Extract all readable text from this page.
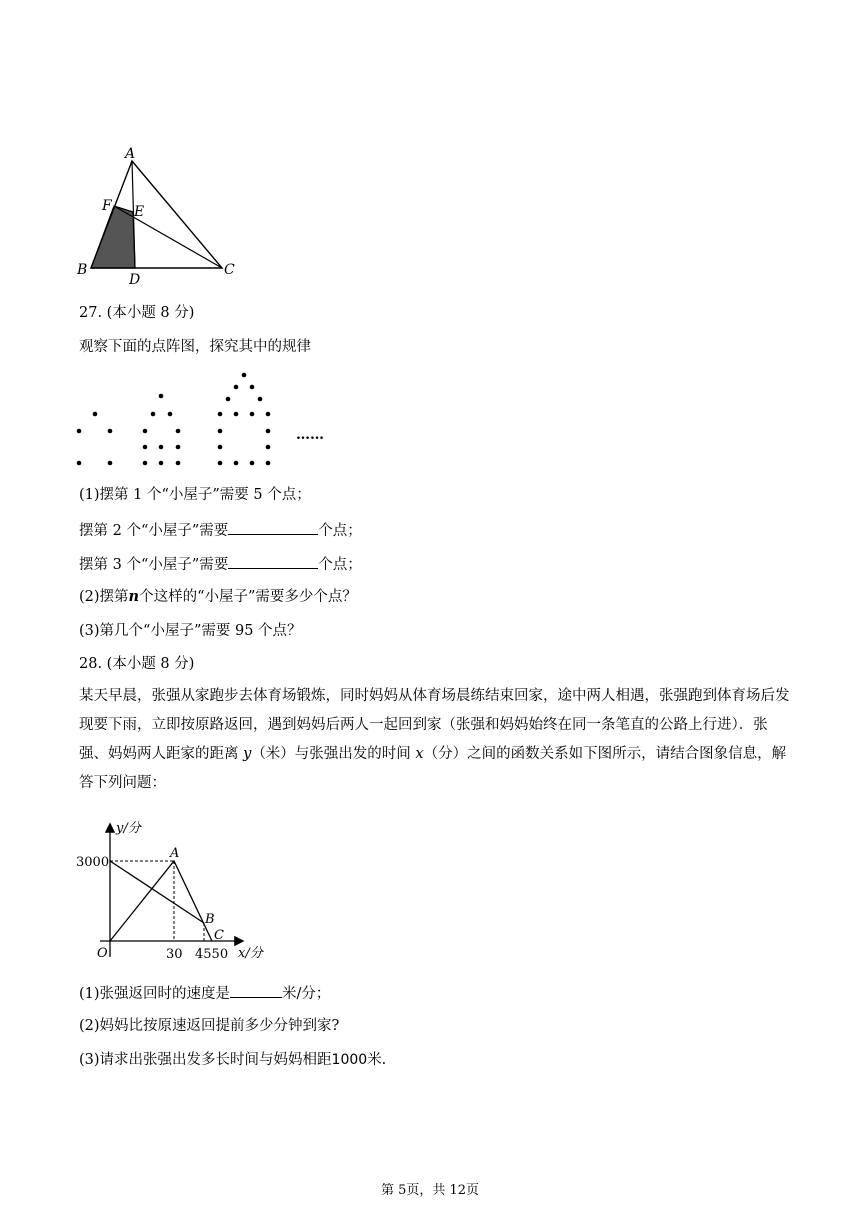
A
F E
B
D
C
27. (本小题 8 分)
观察下面的点阵图，探究其中的规律
……
(1)摆第 1 个“小屋子”需要 5 个点；
摆第 2 个“小屋子”需要	个点；
摆第 3 个“小屋子”需要	个点；
(2)摆第n个这样的“小屋子”需要多少个点？
(3)第几个“小屋子”需要 95 个点？
28. (本小题 8 分)
某天早晨，张强从家跑步去体育场锻炼，同时妈妈从体育场晨练结束回家，途中两人相遇，张强跑到体育场后发现要下雨，立即按原路返回，遇到妈妈后两人一起回到家（张强和妈妈始终在同一条笔直的公路上行进）．张强、妈妈两人距家的距离 y（米）与张强出发的时间 x（分）之间的函数关系如下图所示，请结合图象信息，解答下列问题：
y/分
x/分
O
3000
30 4550
A
B
C
(1)张强返回时的速度是	米/分；
(2)妈妈比按原速返回提前多少分钟到家?
(3)请求出张强出发多长时间与妈妈相距1000米.
第 5页，共 12页
